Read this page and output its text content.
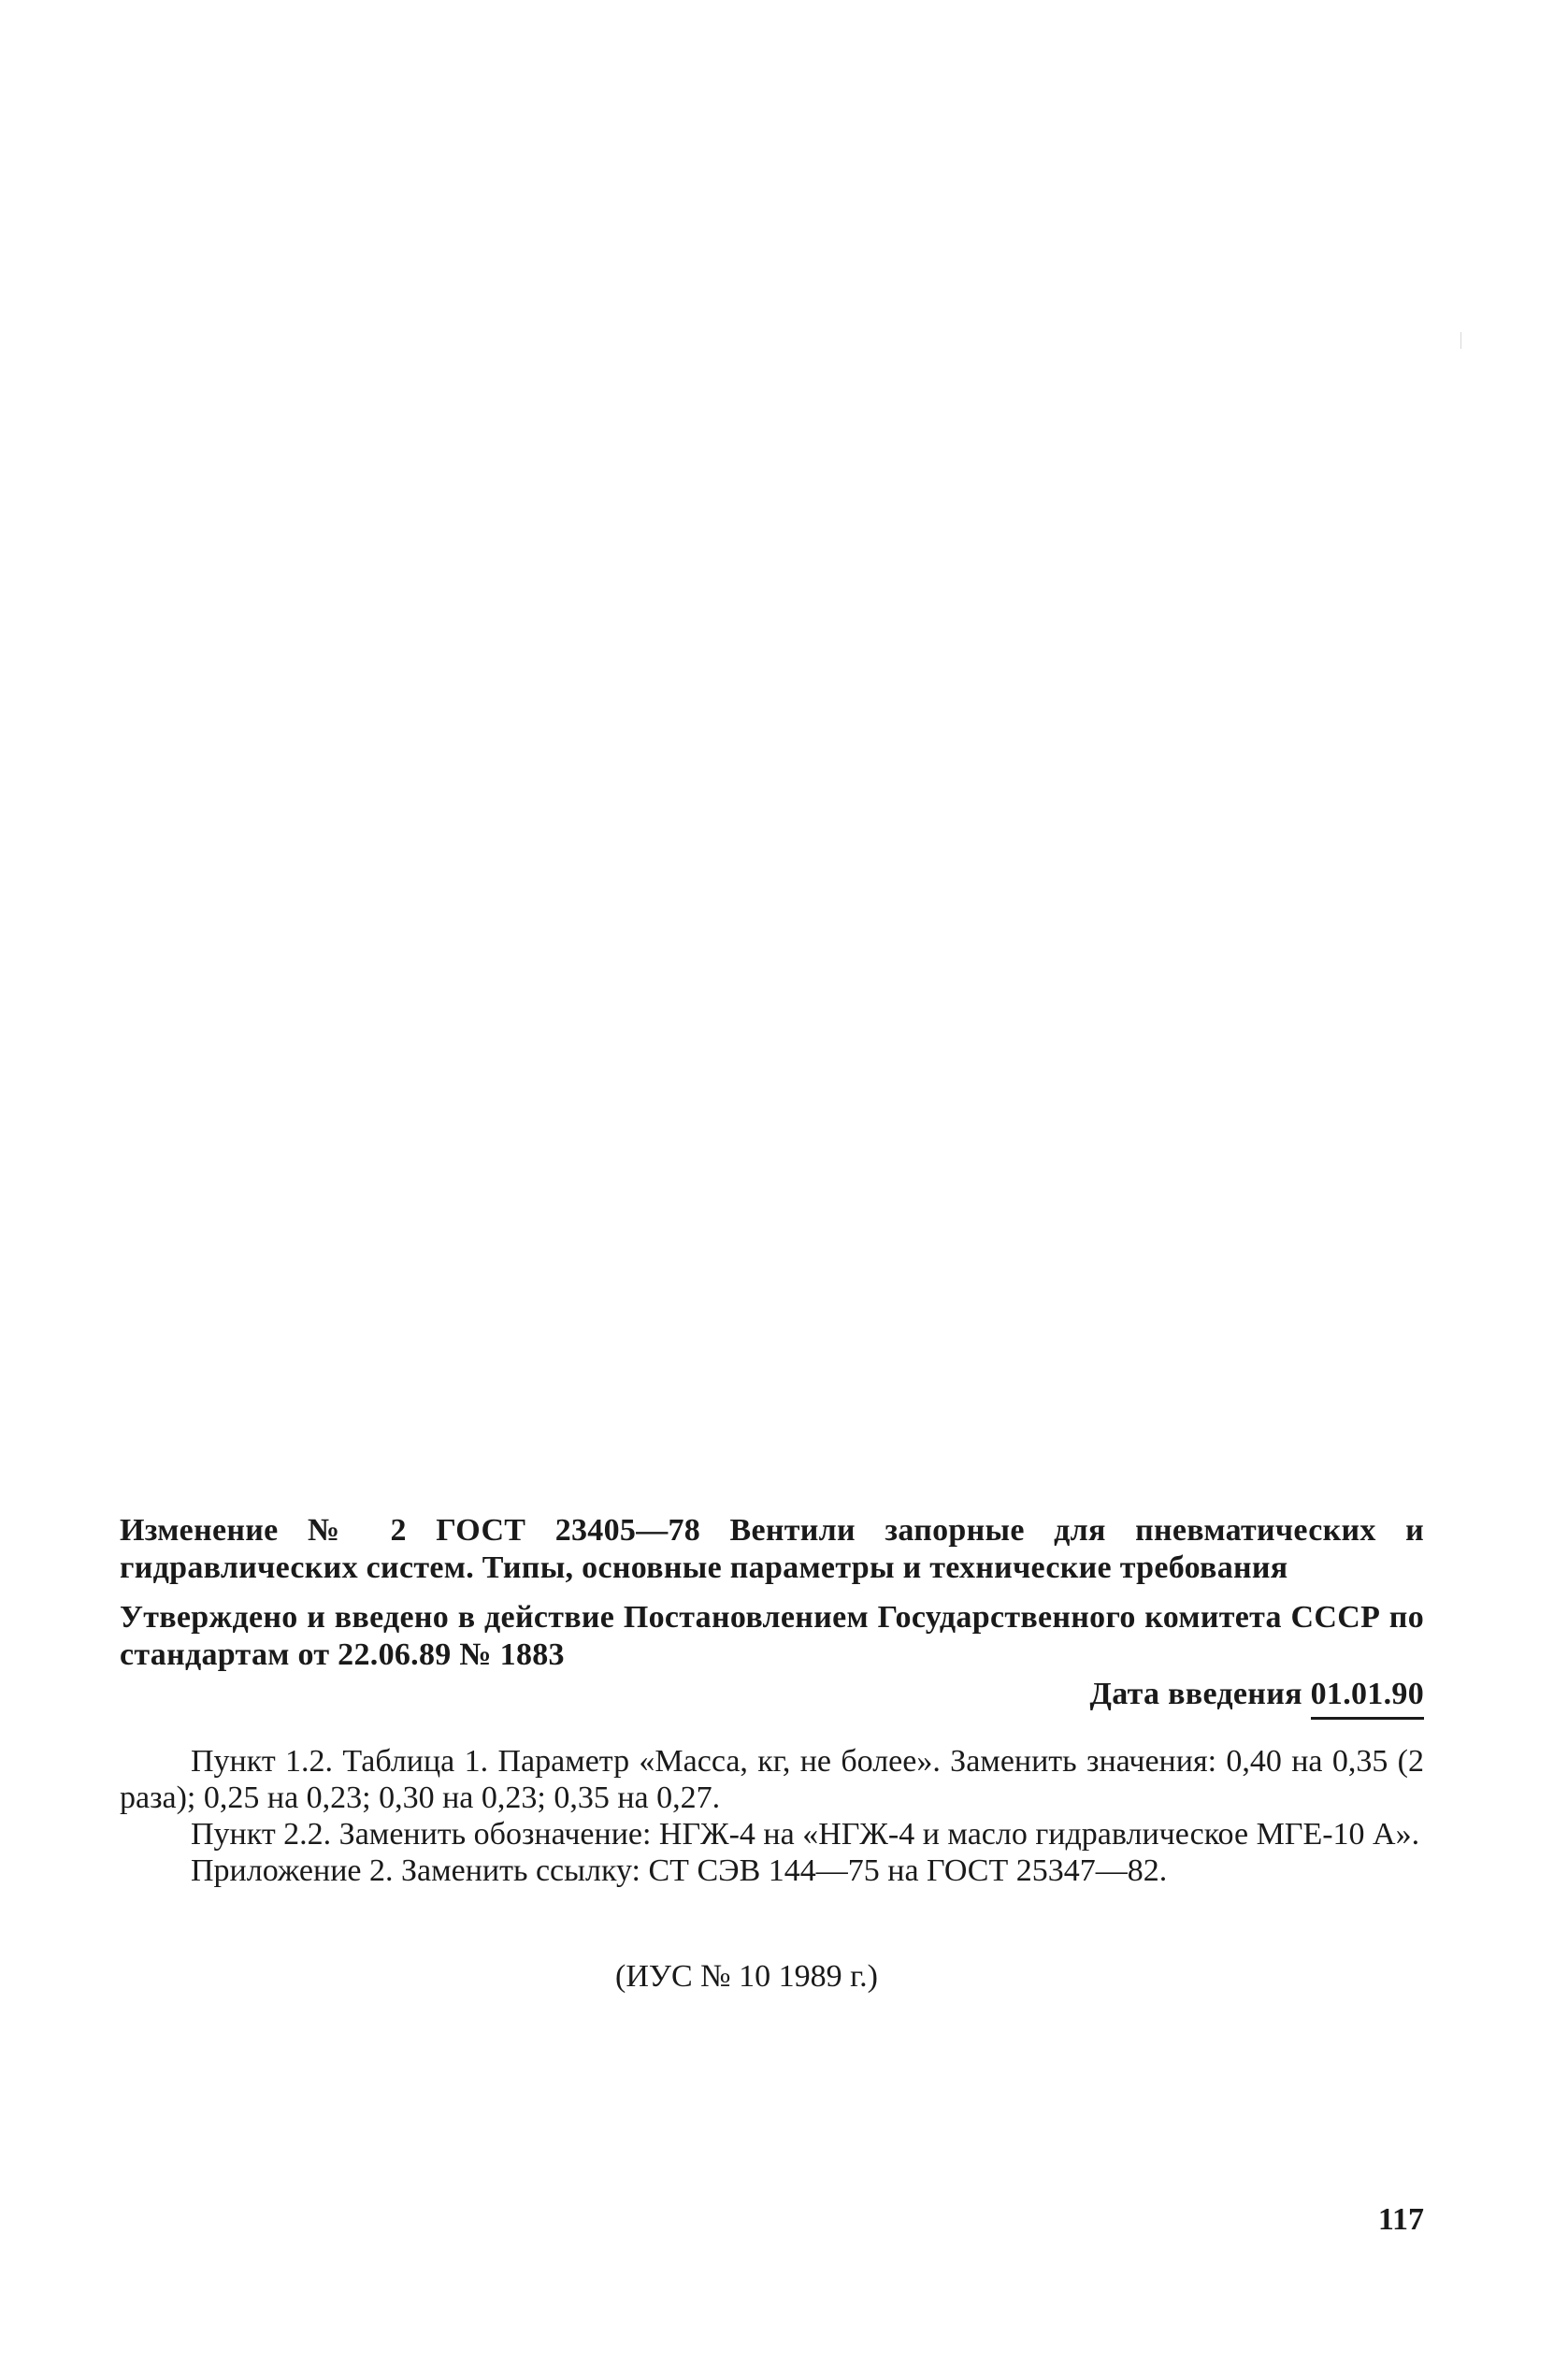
Изменение № 2 ГОСТ 23405—78 Вентили запорные для пневматических и гидравлических систем. Типы, основные параметры и технические требования
Утверждено и введено в действие Постановлением Государственного комитета СССР по стандартам от 22.06.89 № 1883
Дата введения 01.01.90

Пункт 1.2. Таблица 1. Параметр «Масса, кг, не более». Заменить значения: 0,40 на 0,35 (2 раза); 0,25 на 0,23; 0,30 на 0,23; 0,35 на 0,27.

Пункт 2.2. Заменить обозначение: НГЖ-4 на «НГЖ-4 и масло гидравлическое МГЕ-10 А».

Приложение 2. Заменить ссылку: СТ СЭВ 144—75 на ГОСТ 25347—82.

(ИУС № 10 1989 г.)
117
